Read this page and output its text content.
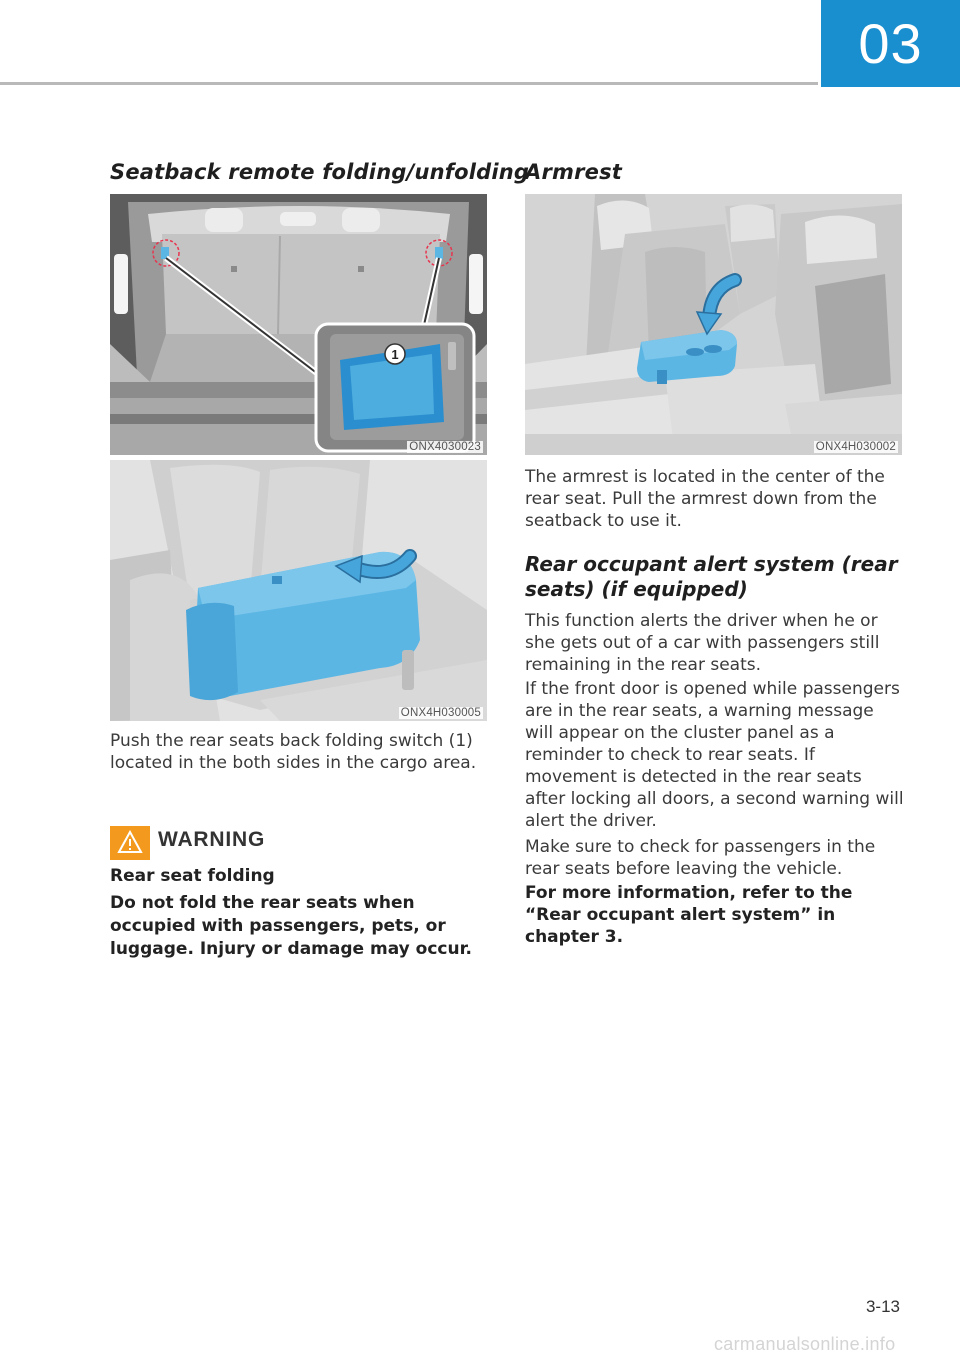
03
Seatback remote folding/unfolding
1
ONX4030023
ONX4H030005

Push the rear seats back folding switch (1) located in the both sides in the cargo area.

WARNING

Rear seat folding

Do not fold the rear seats when occupied with passengers, pets, or luggage. Injury or damage may occur.

Armrest
ONX4H030002

The armrest is located in the center of the rear seat. Pull the armrest down from the seatback to use it.

Rear occupant alert system (rear
seats) (if equipped)

This function alerts the driver when he or she gets out of a car with passengers still remaining in the rear seats.

If the front door is opened while passengers are in the rear seats, a warning message will appear on the cluster panel as a reminder to check to rear seats. If movement is detected in the rear seats after locking all doors, a second warning will alert the driver.

Make sure to check for passengers in the rear seats before leaving the vehicle.

For more information, refer to the “Rear occupant alert system” in chapter 3.

3-13
carmanualsonline.info
